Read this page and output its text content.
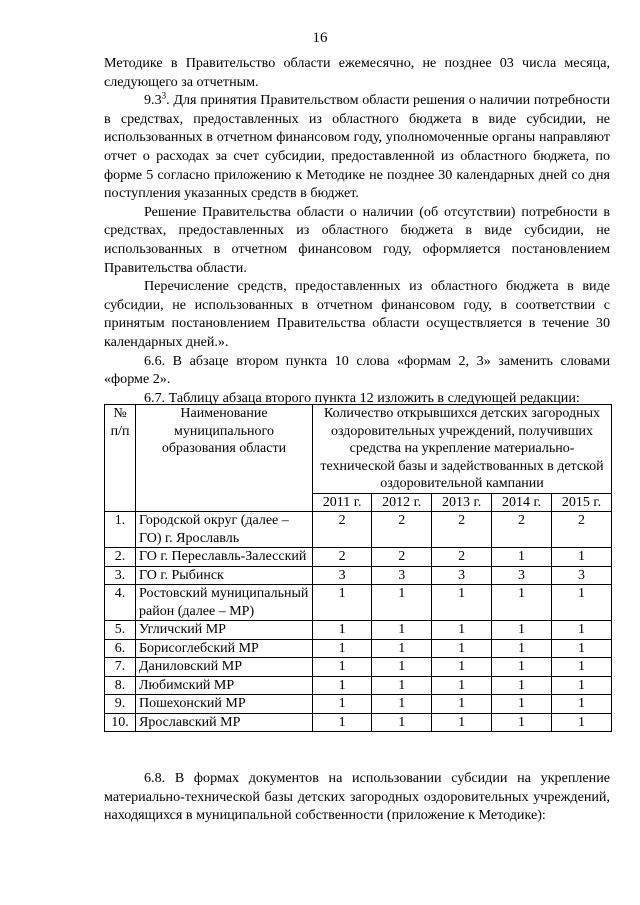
16

Методике в Правительство области ежемесячно, не позднее 03 числа месяца, следующего за отчетным.

$9.3^3$. Для принятия Правительством области решения о наличии потребности в средствах, предоставленных из областного бюджета в виде субсидии, не использованных в отчетном финансовом году, уполномоченные органы направляют отчет о расходах за счет субсидии, предоставленной из областного бюджета, по форме 5 согласно приложению к Методике не позднее 30 календарных дней со дня поступления указанных средств в бюджет.

Решение Правительства области о наличии (об отсутствии) потребности в средствах, предоставленных из областного бюджета в виде субсидии, не использованных в отчетном финансовом году, оформляется постановлением Правительства области.

Перечисление средств, предоставленных из областного бюджета в виде субсидии, не использованных в отчетном финансовом году, в соответствии с принятым постановлением Правительства области осуществляется в течение 30 календарных дней.».

6.6. В абзаце втором пункта 10 слова «формам 2, 3» заменить словами «форме 2».

6.7. Таблицу абзаца второго пункта 12 изложить в следующей редакции:

№ п/п	Наименование муниципального образования области	Количество открывшихся детских загородных оздоровительных учреждений, получивших средства на укрепление материально-технической базы и задействованных в детской оздоровительной кампании				
		2011 г.	2012 г.	2013 г.	2014 г.	2015 г.
1.	Городской округ (далее – ГО) г. Ярославль	2	2	2	2	2
2.	ГО г. Переславль-Залесский	2	2	2	1	1
3.	ГО г. Рыбинск	3	3	3	3	3
4.	Ростовский муниципальный район (далее – МР)	1	1	1	1	1
5.	Угличский МР	1	1	1	1	1
6.	Борисоглебский МР	1	1	1	1	1
7.	Даниловский МР	1	1	1	1	1
8.	Любимский МР	1	1	1	1	1
9.	Пошехонский МР	1	1	1	1	1
10.	Ярославский МР	1	1	1	1	1

6.8. В формах документов на использовании субсидии на укрепление материально-технической базы детских загородных оздоровительных учреждений, находящихся в муниципальной собственности (приложение к Методике):
